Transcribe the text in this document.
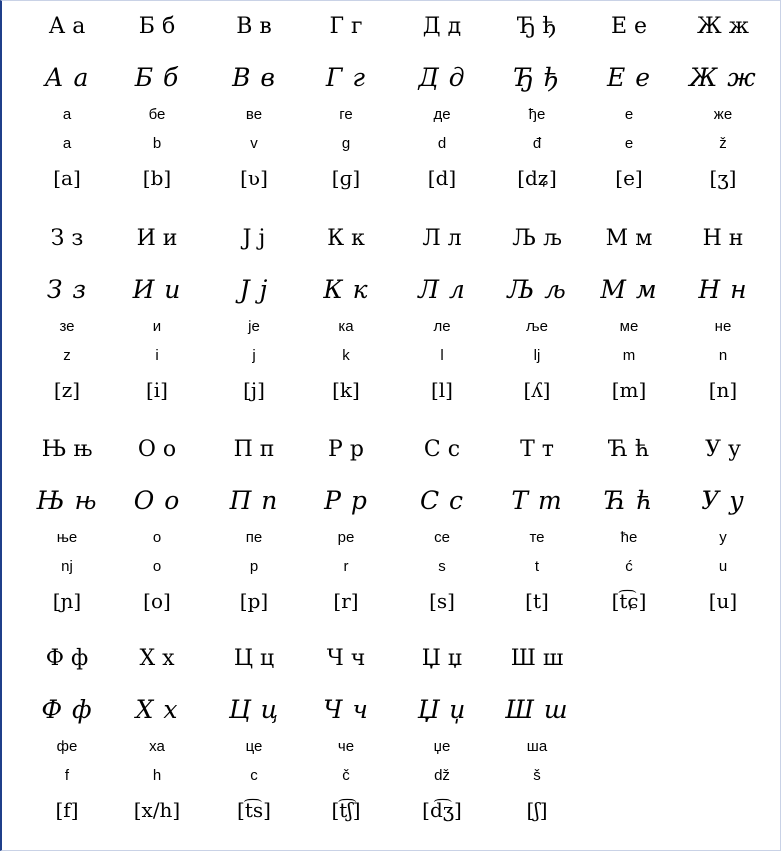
А а
А а
а
a
[a]
Б б
Б б
бе
b
[b]
В в
В в
ве
v
[ʋ]
Г г
Г г
ге
g
[ɡ]
Д д
Д д
де
d
[d]
Ђ ђ
Ђ ђ
ђе
đ
[dʑ]
Е е
Е е
е
e
[e]
Ж ж
Ж ж
же
ž
[ʒ]
З з
З з
зе
z
[z]
И и
И и
и
i
[i]
Ј ј
Ј ј
је
j
[j]
К к
К к
ка
k
[k]
Л л
Л л
ле
l
[l]
Љ љ
Љ љ
ље
lj
[ʎ]
М м
М м
ме
m
[m]
Н н
Н н
не
n
[n]
Њ њ
Њ њ
ње
nj
[ɲ]
О о
О о
о
o
[o]
П п
П п
пе
p
[p]
Р р
Р р
ре
r
[r]
С с
С с
се
s
[s]
Т т
Т т
те
t
[t]
Ћ ћ
Ћ ћ
ће
ć
[t͡ɕ]
У у
У у
у
u
[u]
Ф ф
Ф ф
фе
f
[f]
Х х
Х х
ха
h
[x/h]
Ц ц
Ц ц
це
c
[t͡s]
Ч ч
Ч ч
че
č
[t͡ʃ]
Џ џ
Џ џ
џе
dž
[d͡ʒ]
Ш ш
Ш ш
ша
š
[ʃ]
